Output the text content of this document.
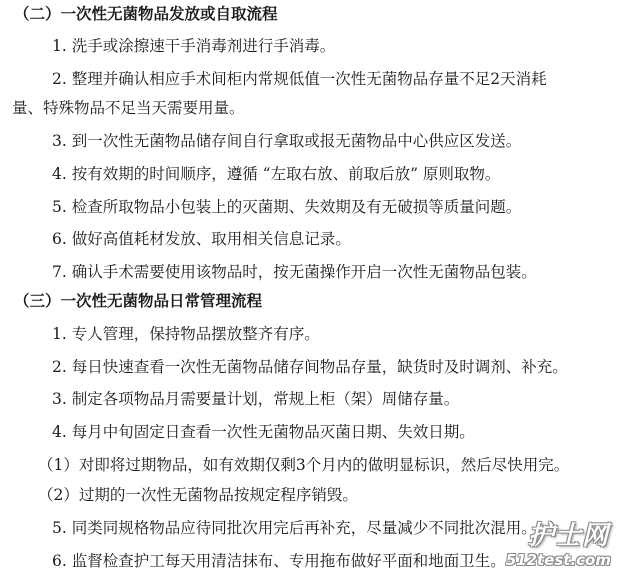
（二）一次性无菌物品发放或自取流程
1. 洗手或涂擦速干手消毒剂进行手消毒。
2. 整理并确认相应手术间柜内常规低值一次性无菌物品存量不足2天消耗
量、特殊物品不足当天需要用量。
3. 到一次性无菌物品储存间自行拿取或报无菌物品中心供应区发送。
4. 按有效期的时间顺序，遵循 “左取右放、前取后放” 原则取物。
5. 检查所取物品小包装上的灭菌期、失效期及有无破损等质量问题。
6. 做好高值耗材发放、取用相关信息记录。
7. 确认手术需要使用该物品时，按无菌操作开启一次性无菌物品包装。
（三）一次性无菌物品日常管理流程
1. 专人管理，保持物品摆放整齐有序。
2. 每日快速查看一次性无菌物品储存间物品存量，缺货时及时调剂、补充。
3. 制定各项物品月需要量计划，常规上柜（架）周储存量。
4. 每月中旬固定日查看一次性无菌物品灭菌日期、失效日期。
（1）对即将过期物品，如有效期仅剩3个月内的做明显标识，然后尽快用完。
（2）过期的一次性无菌物品按规定程序销毁。
5. 同类同规格物品应待同批次用完后再补充，尽量减少不同批次混用。
6. 监督检查护工每天用清洁抹布、专用拖布做好平面和地面卫生。
护士网
512test.com
